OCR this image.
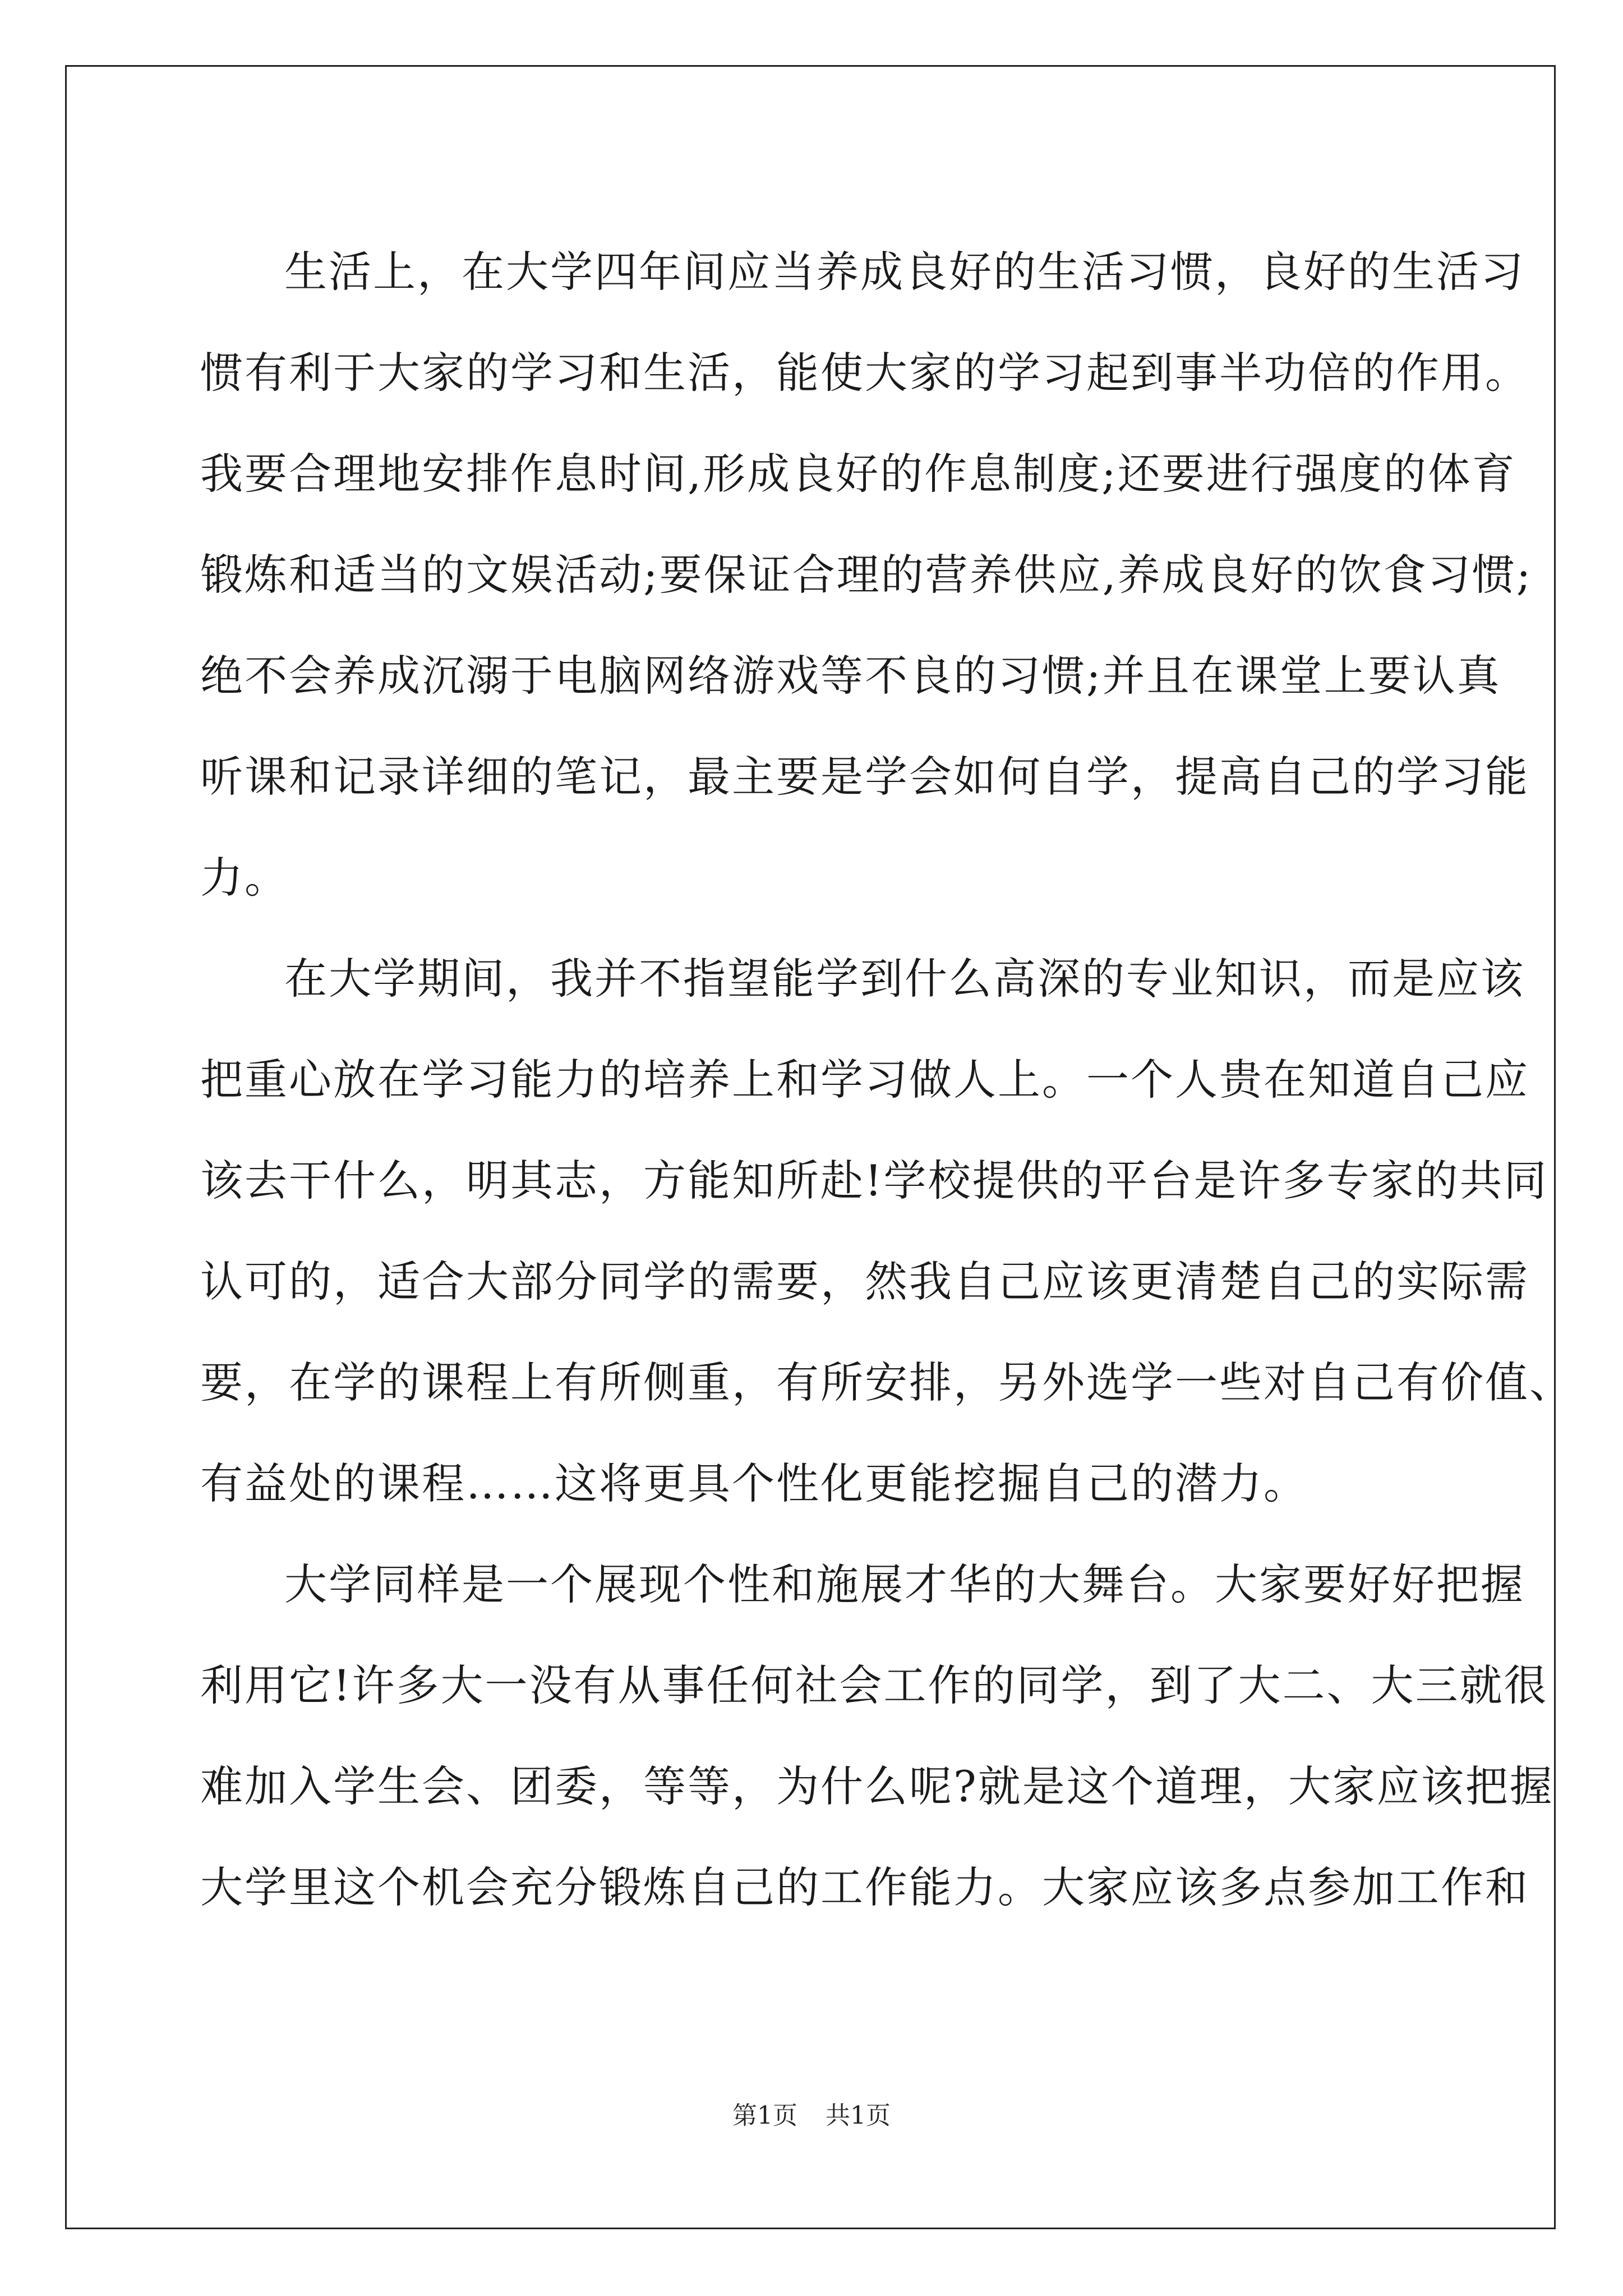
生活上，在大学四年间应当养成良好的生活习惯，良好的生活习
惯有利于大家的学习和生活，能使大家的学习起到事半功倍的作用。
我要合理地安排作息时间,形成良好的作息制度;还要进行强度的体育
锻炼和适当的文娱活动;要保证合理的营养供应,养成良好的饮食习惯;
绝不会养成沉溺于电脑网络游戏等不良的习惯;并且在课堂上要认真
听课和记录详细的笔记，最主要是学会如何自学，提高自己的学习能
力。
在大学期间，我并不指望能学到什么高深的专业知识，而是应该
把重心放在学习能力的培养上和学习做人上。一个人贵在知道自己应
该去干什么，明其志，方能知所赴!学校提供的平台是许多专家的共同
认可的，适合大部分同学的需要，然我自己应该更清楚自己的实际需
要，在学的课程上有所侧重，有所安排，另外选学一些对自己有价值、
有益处的课程……这将更具个性化更能挖掘自己的潜力。
大学同样是一个展现个性和施展才华的大舞台。大家要好好把握
利用它!许多大一没有从事任何社会工作的同学，到了大二、大三就很
难加入学生会、团委，等等，为什么呢?就是这个道理，大家应该把握
大学里这个机会充分锻炼自己的工作能力。大家应该多点参加工作和
第1页 共1页
